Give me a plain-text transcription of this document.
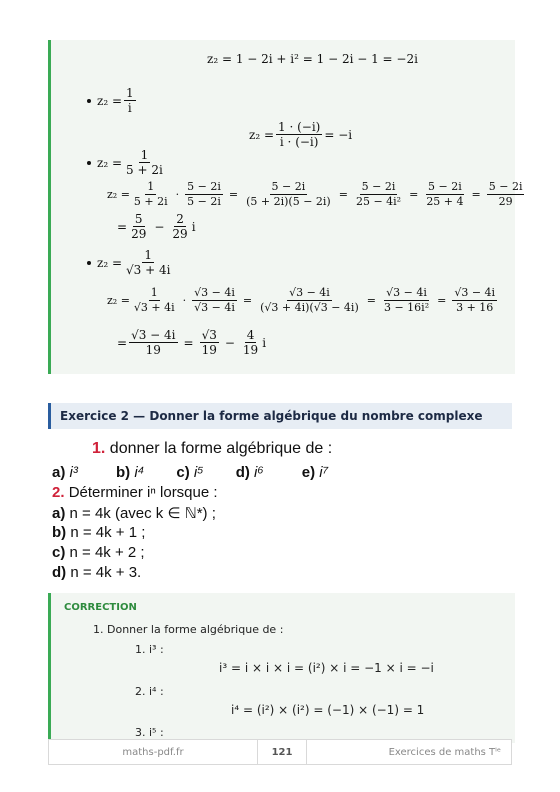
z₂ = 1 − 2i + i² = 1 − 2i − 1 = −2i
$z_2 = \frac{1}{i}$
$z_2 = \frac{1 \cdot (-i)}{i \cdot (-i)} = -i$
$z_2 = \frac{1}{5 + 2i}$
$z_2 = \frac{1}{5 + 2i} \cdot \frac{5 - 2i}{5 - 2i} = \frac{5 - 2i}{(5 + 2i)(5 - 2i)} = \frac{5 - 2i}{\text{25 − 4i²}} = \frac{5 - 2i}{25 + 4} = \frac{5 - 2i}{29}$
= $\frac{5}{29} - \frac{2}{29}$ i
$z_2 = \frac{1}{√3 + 4i}$
$z_2 = \frac{1}{√3 + 4i} \cdot \frac{√3 - 4i}{√3 - 4i} = \frac{√3 - 4i}{(√3 + 4i)(√3 - 4i)} = \frac{√3 - 4i}{\text{3 − 16i²}} = \frac{√3 - 4i}{3 + 16}$
= $\frac{√3 - 4i}{19} = \frac{√3}{19} - \frac{4}{19}$ i
Exercice 2 — Donner la forme algébrique du nombre complexe
1. donner la forme algébrique de :
a) i³	b) i⁴ c) i⁵ d) i⁶	e) i⁷
2. Déterminer iⁿ lorsque :
a) n = 4k (avec k ∈ ℕ*) ;
b) n = 4k + 1 ;
c) n = 4k + 2 ;
d) n = 4k + 3.
CORRECTION
1. Donner la forme algébrique de :
1. i³ :
i³ = i × i × i = (i²) × i = −1 × i = −i
2. i⁴ :
i⁴ = (i²) × (i²) = (−1) × (−1) = 1
3. i⁵ :
maths-pdf.fr	121	Exercices de maths Tˡᵉ
